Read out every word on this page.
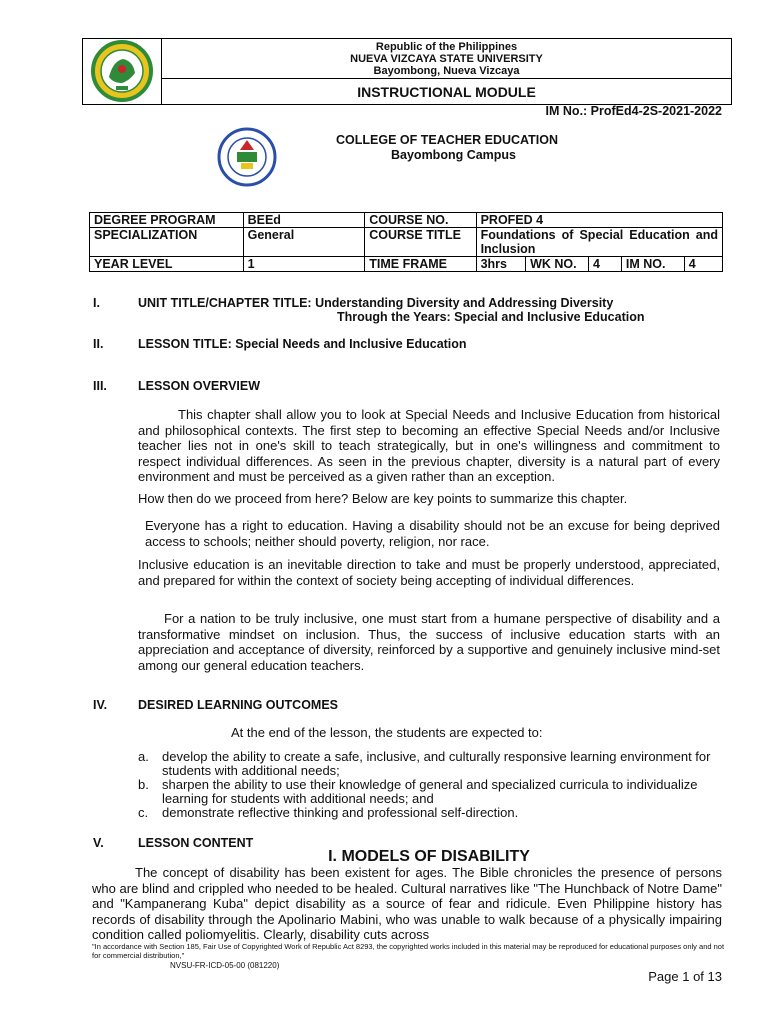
Republic of the Philippines
NUEVA VIZCAYA STATE UNIVERSITY
Bayombong, Nueva Vizcaya
INSTRUCTIONAL MODULE
IM No.: ProfEd4-2S-2021-2022
COLLEGE OF TEACHER EDUCATION
Bayombong Campus
DEGREE PROGRAM	BEEd	COURSE NO.	PROFED 4				
SPECIALIZATION	General	COURSE TITLE	Foundations of Special Education and Inclusion				
YEAR LEVEL	1	TIME FRAME	3hrs	WK NO.	4	IM NO.	4
I.	UNIT TITLE/CHAPTER TITLE: Understanding Diversity and Addressing Diversity
Through the Years: Special and Inclusive Education
II.	LESSON TITLE: Special Needs and Inclusive Education
III. LESSON OVERVIEW
This chapter shall allow you to look at Special Needs and Inclusive Education from historical and philosophical contexts. The first step to becoming an effective Special Needs and/or Inclusive teacher lies not in one's skill to teach strategically, but in one's willingness and commitment to respect individual differences. As seen in the previous chapter, diversity is a natural part of every environment and must be perceived as a given rather than an exception.
How then do we proceed from here? Below are key points to summarize this chapter.
Everyone has a right to education. Having a disability should not be an excuse for being deprived access to schools; neither should poverty, religion, nor race.
Inclusive education is an inevitable direction to take and must be properly understood, appreciated, and prepared for within the context of society being accepting of individual differences.
For a nation to be truly inclusive, one must start from a humane perspective of disability and a transformative mindset on inclusion. Thus, the success of inclusive education starts with an appreciation and acceptance of diversity, reinforced by a supportive and genuinely inclusive mind-set among our general education teachers.
IV. DESIRED LEARNING OUTCOMES
At the end of the lesson, the students are expected to:
a.	develop the ability to create a safe, inclusive, and culturally responsive learning environment for students with additional needs;
b.	sharpen the ability to use their knowledge of general and specialized curricula to individualize learning for students with additional needs; and
c.	demonstrate reflective thinking and professional self-direction.
V.	LESSON CONTENT
I. MODELS OF DISABILITY
The concept of disability has been existent for ages. The Bible chronicles the presence of persons who are blind and crippled who needed to be healed. Cultural narratives like "The Hunchback of Notre Dame" and "Kampanerang Kuba" depict disability as a source of fear and ridicule. Even Philippine history has records of disability through the Apolinario Mabini, who was unable to walk because of a physically impairing condition called poliomyelitis. Clearly, disability cuts across
"In accordance with Section 185, Fair Use of Copyrighted Work of Republic Act 8293, the copyrighted works included in this material may be reproduced for educational purposes only and not for commercial distribution,"
NVSU-FR-ICD-05-00 (081220)
Page 1 of 13
